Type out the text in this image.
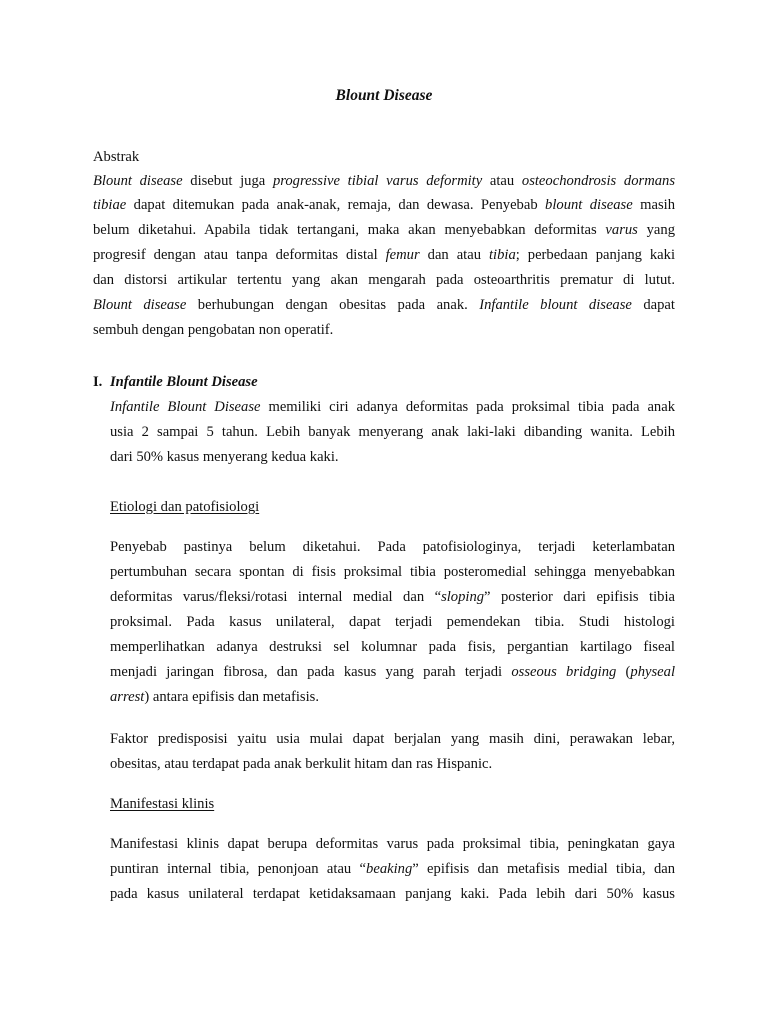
Blount Disease
Abstrak
Blount disease disebut juga progressive tibial varus deformity atau osteochondrosis dormans
tibiae dapat ditemukan pada anak-anak, remaja, dan dewasa. Penyebab blount disease masih
belum diketahui. Apabila tidak tertangani, maka akan menyebabkan deformitas varus yang
progresif dengan atau tanpa deformitas distal femur dan atau tibia; perbedaan panjang kaki
dan distorsi artikular tertentu yang akan mengarah pada osteoarthritis prematur di lutut.
Blount disease berhubungan dengan obesitas pada anak. Infantile blount disease dapat
sembuh dengan pengobatan non operatif.
I. Infantile Blount Disease
Infantile Blount Disease memiliki ciri adanya deformitas pada proksimal tibia pada anak
usia 2 sampai 5 tahun. Lebih banyak menyerang anak laki-laki dibanding wanita. Lebih
dari 50% kasus menyerang kedua kaki.
Etiologi dan patofisiologi
Penyebab pastinya belum diketahui. Pada patofisiologinya, terjadi keterlambatan
pertumbuhan secara spontan di fisis proksimal tibia posteromedial sehingga menyebabkan
deformitas varus/fleksi/rotasi internal medial dan “sloping” posterior dari epifisis tibia
proksimal. Pada kasus unilateral, dapat terjadi pemendekan tibia. Studi histologi
memperlihatkan adanya destruksi sel kolumnar pada fisis, pergantian kartilago fiseal
menjadi jaringan fibrosa, dan pada kasus yang parah terjadi osseous bridging (physeal
arrest) antara epifisis dan metafisis.
Faktor predisposisi yaitu usia mulai dapat berjalan yang masih dini, perawakan lebar,
obesitas, atau terdapat pada anak berkulit hitam dan ras Hispanic.
Manifestasi klinis
Manifestasi klinis dapat berupa deformitas varus pada proksimal tibia, peningkatan gaya
puntiran internal tibia, penonjoan atau “beaking” epifisis dan metafisis medial tibia, dan
pada kasus unilateral terdapat ketidaksamaan panjang kaki. Pada lebih dari 50% kasus
